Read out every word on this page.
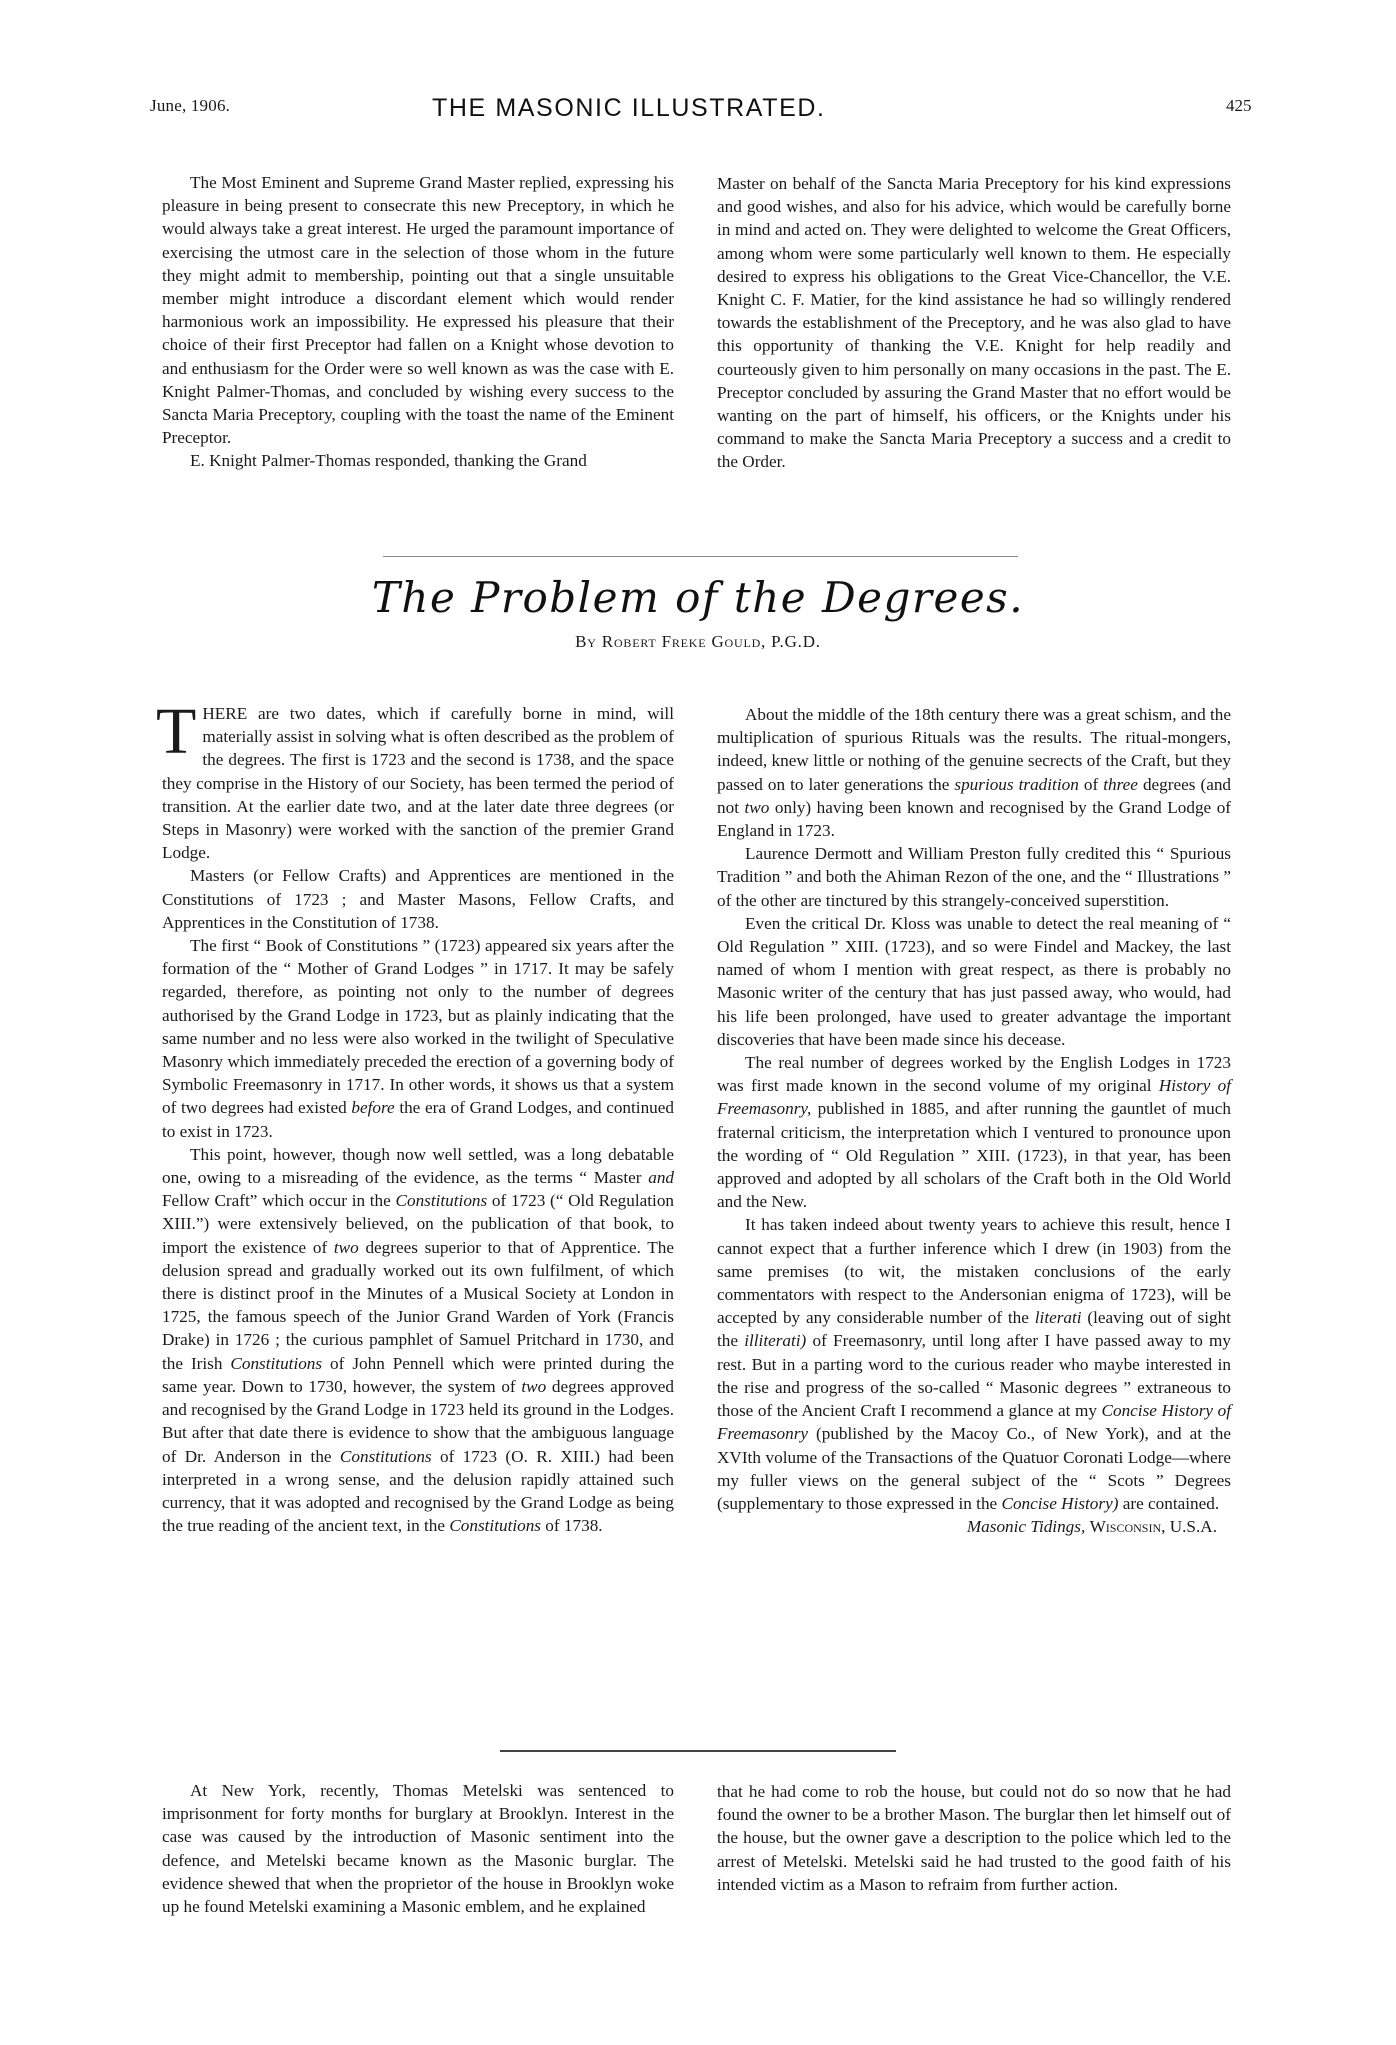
June, 1906.	THE MASONIC ILLUSTRATED.	425

The Most Eminent and Supreme Grand Master replied, expressing his pleasure in being present to consecrate this new Preceptory, in which he would always take a great interest. He urged the paramount importance of exercising the utmost care in the selection of those whom in the future they might admit to membership, pointing out that a single unsuitable member might introduce a discordant element which would render harmonious work an impossibility. He expressed his pleasure that their choice of their first Preceptor had fallen on a Knight whose devotion to and enthusiasm for the Order were so well known as was the case with E. Knight Palmer-Thomas, and concluded by wishing every success to the Sancta Maria Preceptory, coupling with the toast the name of the Eminent Preceptor.

E. Knight Palmer-Thomas responded, thanking the Grand

Master on behalf of the Sancta Maria Preceptory for his kind expressions and good wishes, and also for his advice, which would be carefully borne in mind and acted on. They were delighted to welcome the Great Officers, among whom were some particularly well known to them. He especially desired to express his obligations to the Great Vice-Chancellor, the V.E. Knight C. F. Matier, for the kind assistance he had so willingly rendered towards the establishment of the Preceptory, and he was also glad to have this opportunity of thanking the V.E. Knight for help readily and courteously given to him personally on many occasions in the past. The E. Preceptor concluded by assuring the Grand Master that no effort would be wanting on the part of himself, his officers, or the Knights under his command to make the Sancta Maria Preceptory a success and a credit to the Order.

The Problem of the Degrees.
By Robert Freke Gould, P.G.D.

THERE are two dates, which if carefully borne in mind, will materially assist in solving what is often described as the problem of the degrees. The first is 1723 and the second is 1738, and the space they comprise in the History of our Society, has been termed the period of transition. At the earlier date two, and at the later date three degrees (or Steps in Masonry) were worked with the sanction of the premier Grand Lodge.

Masters (or Fellow Crafts) and Apprentices are mentioned in the Constitutions of 1723 ; and Master Masons, Fellow Crafts, and Apprentices in the Constitution of 1738.

The first “ Book of Constitutions ” (1723) appeared six years after the formation of the “ Mother of Grand Lodges ” in 1717. It may be safely regarded, therefore, as pointing not only to the number of degrees authorised by the Grand Lodge in 1723, but as plainly indicating that the same number and no less were also worked in the twilight of Speculative Masonry which immediately preceded the erection of a governing body of Symbolic Freemasonry in 1717. In other words, it shows us that a system of two degrees had existed before the era of Grand Lodges, and continued to exist in 1723.

This point, however, though now well settled, was a long debatable one, owing to a misreading of the evidence, as the terms “ Master and Fellow Craft” which occur in the Constitutions of 1723 (“ Old Regulation XIII.”) were extensively believed, on the publication of that book, to import the existence of two degrees superior to that of Apprentice. The delusion spread and gradually worked out its own fulfilment, of which there is distinct proof in the Minutes of a Musical Society at London in 1725, the famous speech of the Junior Grand Warden of York (Francis Drake) in 1726 ; the curious pamphlet of Samuel Pritchard in 1730, and the Irish Constitutions of John Pennell which were printed during the same year. Down to 1730, however, the system of two degrees approved and recognised by the Grand Lodge in 1723 held its ground in the Lodges. But after that date there is evidence to show that the ambiguous language of Dr. Anderson in the Constitutions of 1723 (O. R. XIII.) had been interpreted in a wrong sense, and the delusion rapidly attained such currency, that it was adopted and recognised by the Grand Lodge as being the true reading of the ancient text, in the Constitutions of 1738.

About the middle of the 18th century there was a great schism, and the multiplication of spurious Rituals was the results. The ritual-mongers, indeed, knew little or nothing of the genuine secrects of the Craft, but they passed on to later generations the spurious tradition of three degrees (and not two only) having been known and recognised by the Grand Lodge of England in 1723.

Laurence Dermott and William Preston fully credited this “ Spurious Tradition ” and both the Ahiman Rezon of the one, and the “ Illustrations ” of the other are tinctured by this strangely-conceived superstition.

Even the critical Dr. Kloss was unable to detect the real meaning of “ Old Regulation ” XIII. (1723), and so were Findel and Mackey, the last named of whom I mention with great respect, as there is probably no Masonic writer of the century that has just passed away, who would, had his life been prolonged, have used to greater advantage the important discoveries that have been made since his decease.

The real number of degrees worked by the English Lodges in 1723 was first made known in the second volume of my original History of Freemasonry, published in 1885, and after running the gauntlet of much fraternal criticism, the interpretation which I ventured to pronounce upon the wording of “ Old Regulation ” XIII. (1723), in that year, has been approved and adopted by all scholars of the Craft both in the Old World and the New.

It has taken indeed about twenty years to achieve this result, hence I cannot expect that a further inference which I drew (in 1903) from the same premises (to wit, the mistaken conclusions of the early commentators with respect to the Andersonian enigma of 1723), will be accepted by any considerable number of the literati (leaving out of sight the illiterati) of Freemasonry, until long after I have passed away to my rest. But in a parting word to the curious reader who maybe interested in the rise and progress of the so-called “ Masonic degrees ” extraneous to those of the Ancient Craft I recommend a glance at my Concise History of Freemasonry (published by the Macoy Co., of New York), and at the XVIth volume of the Transactions of the Quatuor Coronati Lodge—where my fuller views on the general subject of the “ Scots ” Degrees (supplementary to those expressed in the Concise History) are contained.

Masonic Tidings, Wisconsin, U.S.A.

At New York, recently, Thomas Metelski was sentenced to imprisonment for forty months for burglary at Brooklyn. Interest in the case was caused by the introduction of Masonic sentiment into the defence, and Metelski became known as the Masonic burglar. The evidence shewed that when the proprietor of the house in Brooklyn woke up he found Metelski examining a Masonic emblem, and he explained

that he had come to rob the house, but could not do so now that he had found the owner to be a brother Mason. The burglar then let himself out of the house, but the owner gave a description to the police which led to the arrest of Metelski. Metelski said he had trusted to the good faith of his intended victim as a Mason to refraim from further action.
